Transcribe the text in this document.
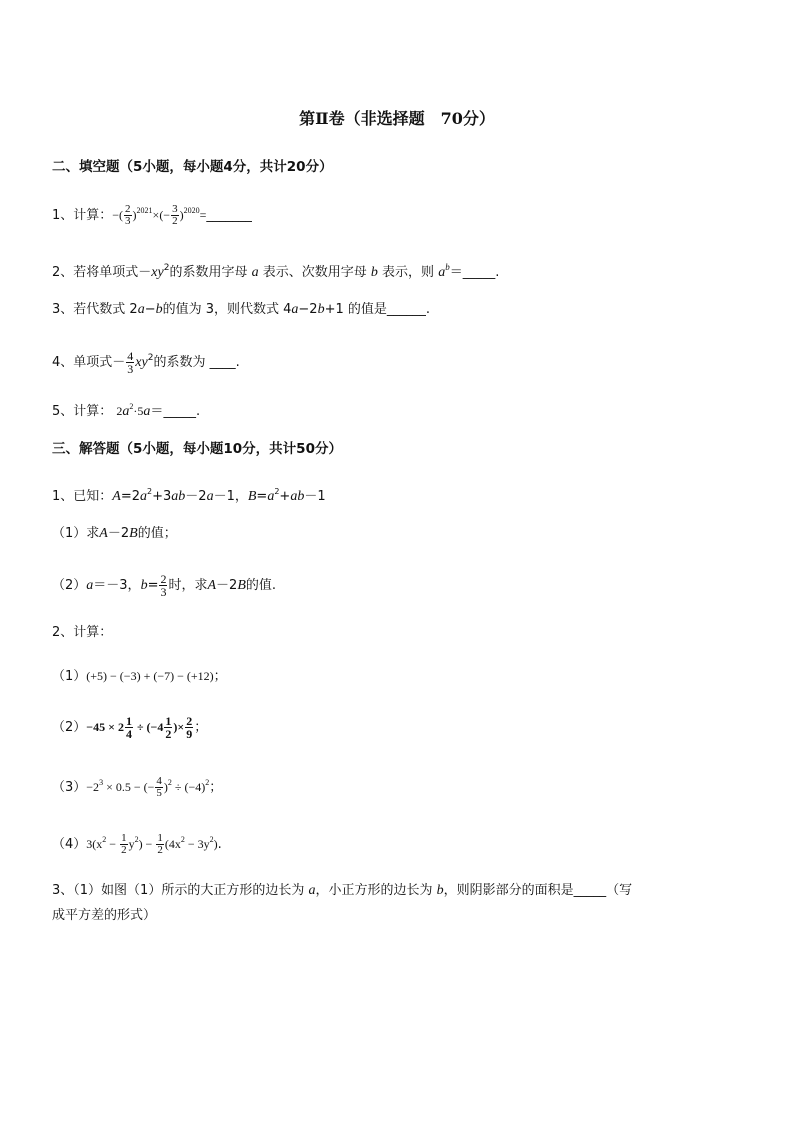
第Ⅱ卷（非选择题　70分）
二、填空题（5小题，每小题4分，共计20分）
1、计算：−( $\frac{2}{3} )^{2021}\times(- \frac{3}{2}$ )$^{2020}=\_\_\_\_\_\_\_$
2、若将单项式$-xy^2$的系数用字母 a 表示、次数用字母 b 表示，则 $a^b=\_\_\_\_\_$.
3、若代数式 2a−b的值为 3，则代数式 4a−2b+1 的值是______.
4、单项式－ $\frac{4}{3} xy^2$的系数为 ____.
5、计算： $2a^2\cdot 5a=\_\_\_\_\_$.
三、解答题（5小题，每小题10分，共计50分）
1、已知：$A=2a^2+3ab-2a-1$，$B=a^2+ab-1$
（1）求A－2B的值；
（2）a＝－3，$b= \frac{2}{3}$ 时，求A－2B的值.
2、计算：
（1）(+5) − (−3) + (−7) − (+12)；
$(2)-45 \times 2 \frac{1}{4} \div (-4 \frac{1}{2}$ )× $\frac{2}{9}$ ；
$(3)-2^3 \times 0.5$ − (− $\frac{4}{5} )^2 \div (-4)^2$；
$(4)3(x^2 - \frac{1}{2} y^2) - \frac{1}{2} (4x^2 - 3y^2)$.
3、（1）如图（1）所示的大正方形的边长为 a，小正方形的边长为 b，则阴影部分的面积是_____（写
成平方差的形式）
